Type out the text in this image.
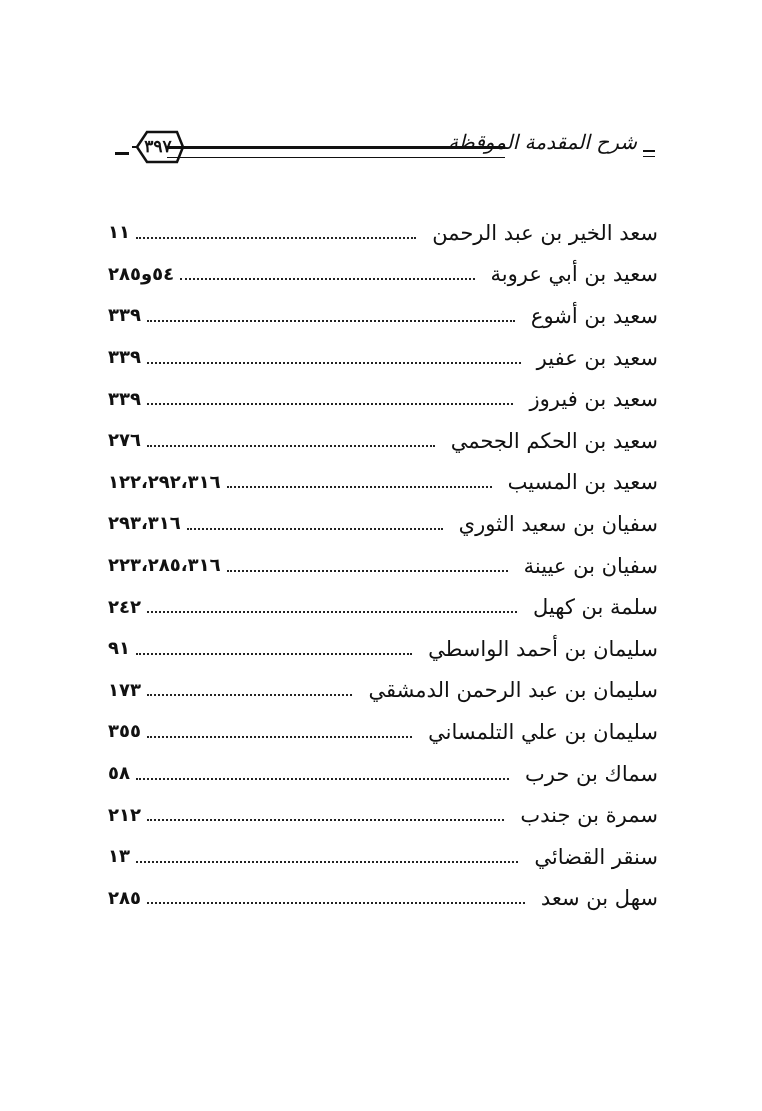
٣٩٧	شرح المقدمة الموقظة
سعد الخير بن عبد الرحمن
١١
سعيد بن أبي عروبة
٥٤و٢٨٥
سعيد بن أشوع
٣٣٩
سعيد بن عفير
٣٣٩
سعيد بن فيروز
٣٣٩
سعيد بن الحكم الجحمي
٢٧٦
سعيد بن المسيب
١٢٢،٢٩٢،٣١٦
سفيان بن سعيد الثوري
٢٩٣،٣١٦
سفيان بن عيينة
٢٢٣،٢٨٥،٣١٦
سلمة بن كهيل
٢٤٢
سليمان بن أحمد الواسطي
٩١
سليمان بن عبد الرحمن الدمشقي
١٧٣
سليمان بن علي التلمساني
٣٥٥
سماك بن حرب
٥٨
سمرة بن جندب
٢١٢
سنقر القضائي
١٣
سهل بن سعد
٢٨٥
